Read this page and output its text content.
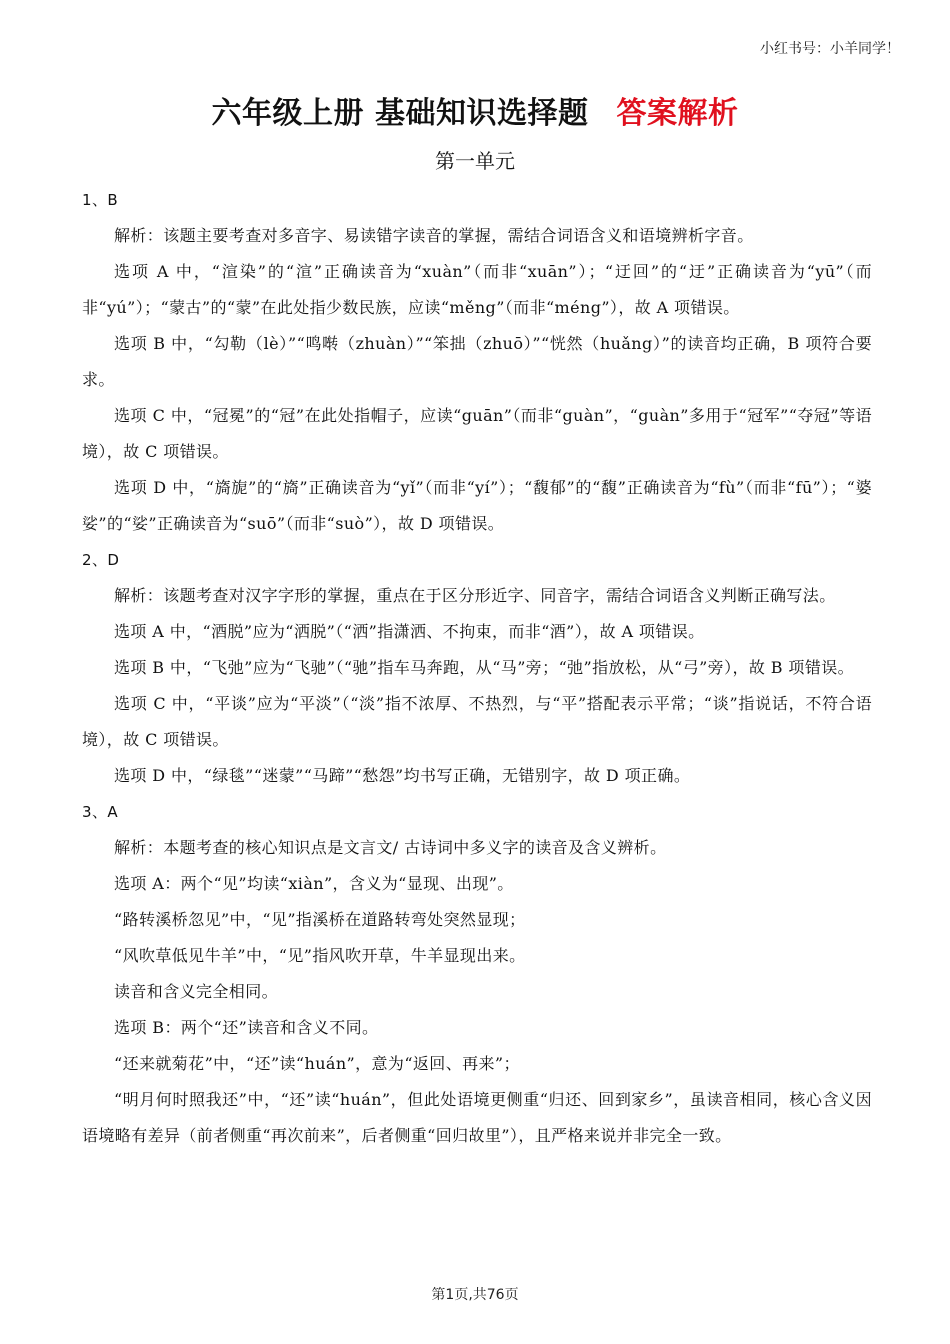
小红书号：小羊同学！
六年级上册 基础知识选择题 答案解析
第一单元

1、B

解析：该题主要考查对多音字、易读错字读音的掌握，需结合词语含义和语境辨析字音。

选项 A 中，“渲染”的“渲”正确读音为“xuàn”（而非“xuān”）；“迂回”的“迂”正确读音为“yū”（而非“yú”）；“蒙古”的“蒙”在此处指少数民族，应读“měng”（而非“méng”），故 A 项错误。

选项 B 中，“勾勒（lè）”“鸣啭（zhuàn）”“笨拙（zhuō）”“恍然（huǎng）”的读音均正确，B 项符合要求。

选项 C 中，“冠冕”的“冠”在此处指帽子，应读“guān”（而非“guàn”，“guàn”多用于“冠军”“夺冠”等语境），故 C 项错误。

选项 D 中，“旖旎”的“旖”正确读音为“yǐ”（而非“yí”）；“馥郁”的“馥”正确读音为“fù”（而非“fū”）；“婆娑”的“娑”正确读音为“suō”（而非“suò”），故 D 项错误。

2、D

解析：该题考查对汉字字形的掌握，重点在于区分形近字、同音字，需结合词语含义判断正确写法。

选项 A 中，“酒脱”应为“洒脱”（“洒”指潇洒、不拘束，而非“酒”），故 A 项错误。

选项 B 中，“飞弛”应为“飞驰”（“驰”指车马奔跑，从“马”旁；“弛”指放松，从“弓”旁），故 B 项错误。

选项 C 中，“平谈”应为“平淡”（“淡”指不浓厚、不热烈，与“平”搭配表示平常；“谈”指说话，不符合语境），故 C 项错误。

选项 D 中，“绿毯”“迷蒙”“马蹄”“愁怨”均书写正确，无错别字，故 D 项正确。

3、A

解析：本题考查的核心知识点是文言文/ 古诗词中多义字的读音及含义辨析。

选项 A：两个“见”均读“xiàn”，含义为“显现、出现”。

“路转溪桥忽见”中，“见”指溪桥在道路转弯处突然显现；

“风吹草低见牛羊”中，“见”指风吹开草，牛羊显现出来。

读音和含义完全相同。

选项 B：两个“还”读音和含义不同。

“还来就菊花”中，“还”读“huán”，意为“返回、再来”；

“明月何时照我还”中，“还”读“huán”，但此处语境更侧重“归还、回到家乡”，虽读音相同，核心含义因语境略有差异（前者侧重“再次前来”，后者侧重“回归故里”），且严格来说并非完全一致。

第1页,共76页
